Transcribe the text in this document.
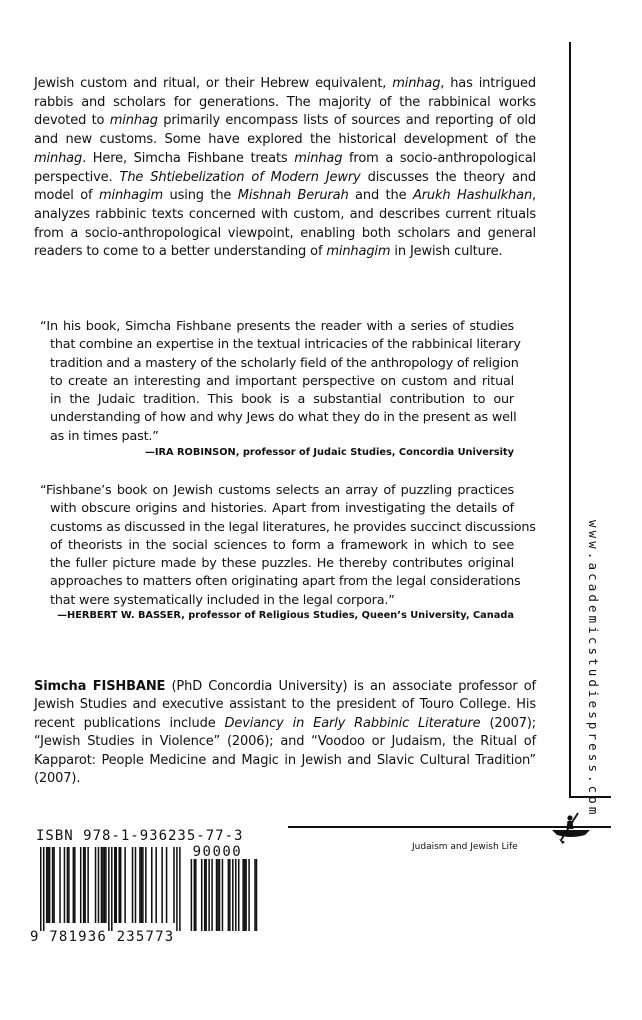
Jewish custom and ritual, or their Hebrew equivalent, minhag, has intrigued rabbis and scholars for generations. The majority of the rabbinical works devoted to minhag primarily encompass lists of sources and reporting of old and new customs. Some have explored the historical development of the minhag. Here, Simcha Fishbane treats minhag from a socio-anthropological perspective. The Shtiebelization of Modern Jewry discusses the theory and model of minhagim using the Mishnah Berurah and the Arukh Hashulkhan, analyzes rabbinic texts concerned with custom, and describes current rituals from a socio-anthropological viewpoint, enabling both scholars and general readers to come to a better understanding of minhagim in Jewish culture.

“In his book, Simcha Fishbane presents the reader with a series of studies
that combine an expertise in the textual intricacies of the rabbinical literary
tradition and a mastery of the scholarly field of the anthropology of religion
to create an interesting and important perspective on custom and ritual
in the Judaic tradition. This book is a substantial contribution to our
understanding of how and why Jews do what they do in the present as well
as in times past.”
—IRA ROBINSON, professor of Judaic Studies, Concordia University
“Fishbane’s book on Jewish customs selects an array of puzzling practices
with obscure origins and histories. Apart from investigating the details of
customs as discussed in the legal literatures, he provides succinct discussions
of theorists in the social sciences to form a framework in which to see
the fuller picture made by these puzzles. He thereby contributes original
approaches to matters often originating apart from the legal considerations
that were systematically included in the legal corpora.”
—HERBERT W. BASSER, professor of Religious Studies, Queen’s University, Canada

Simcha FISHBANE (PhD Concordia University) is an associate professor of Jewish Studies and executive assistant to the president of Touro College. His recent publications include Deviancy in Early Rabbinic Literature (2007); “Jewish Studies in Violence” (2006); and “Voodoo or Judaism, the Ritual of Kapparot: People Medicine and Magic in Jewish and Slavic Cultural Tradition” (2007).	www.academicstudiespress.com
Judaism and Jewish Life
ISBN 978-1-936235-77-3
90000
9 781936 235773
